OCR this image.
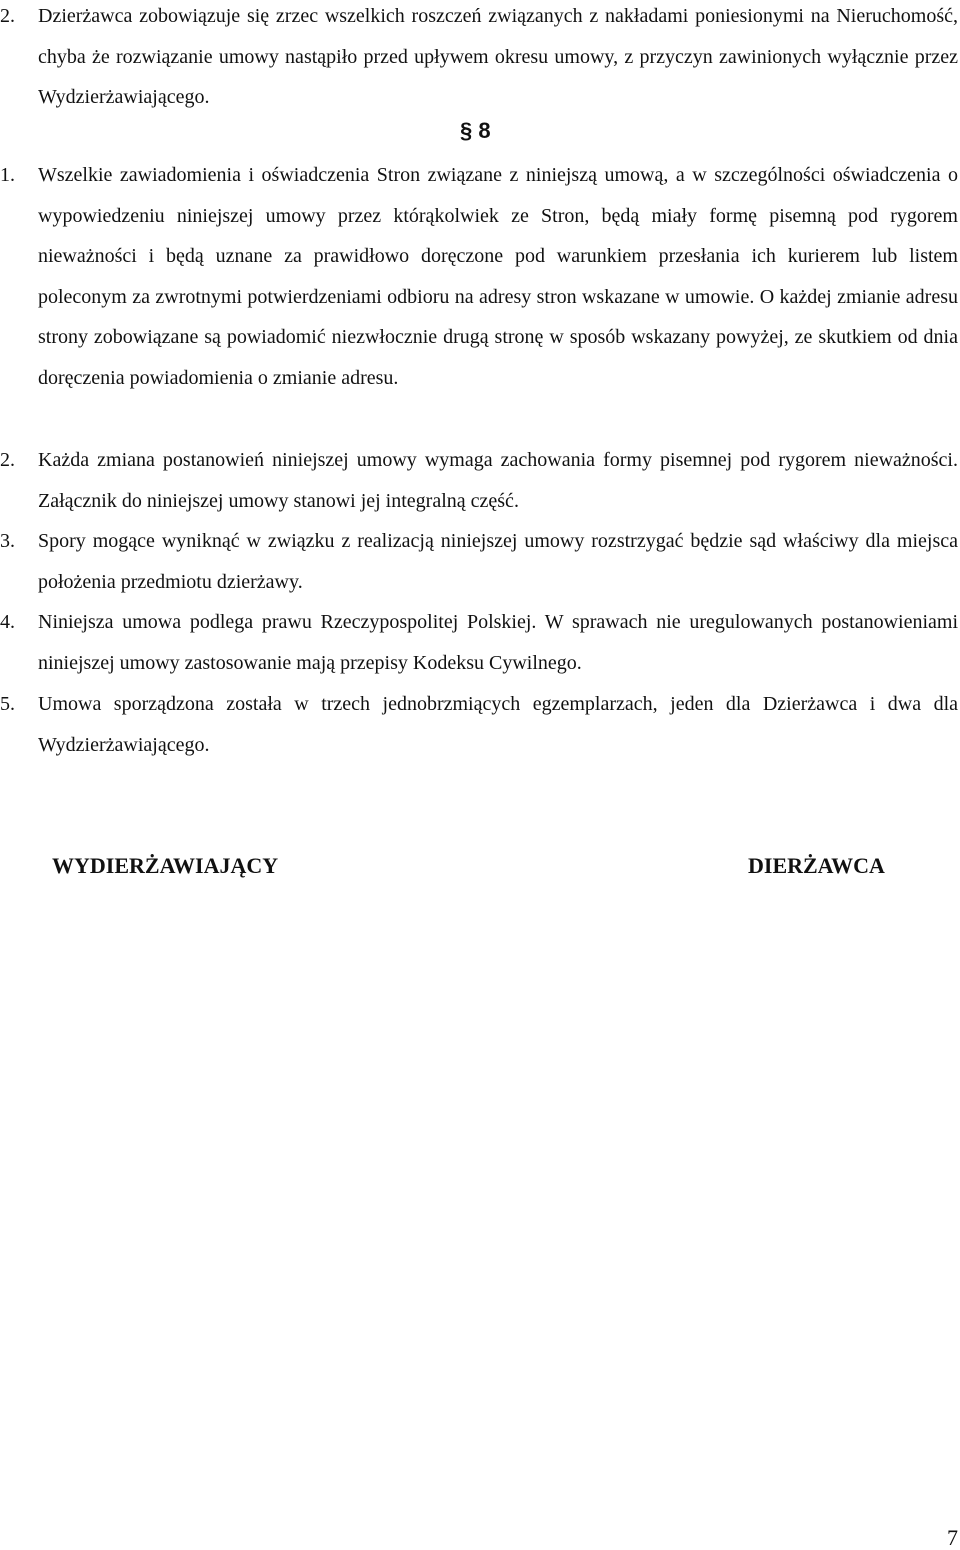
2.	Dzierżawca zobowiązuje się zrzec wszelkich roszczeń związanych z nakładami poniesionymi na Nieruchomość, chyba że rozwiązanie umowy nastąpiło przed upływem okresu umowy, z przyczyn zawinionych wyłącznie przez Wydzierżawiającego.
§ 8
1.	Wszelkie zawiadomienia i oświadczenia Stron związane z niniejszą umową, a w szczególności oświadczenia o wypowiedzeniu niniejszej umowy przez którąkolwiek ze Stron, będą miały formę pisemną pod rygorem nieważności i będą uznane za prawidłowo doręczone pod warunkiem przesłania ich kurierem lub listem poleconym za zwrotnymi potwierdzeniami odbioru na adresy stron wskazane w umowie. O każdej zmianie adresu strony zobowiązane są powiadomić niezwłocznie drugą stronę w sposób wskazany powyżej, ze skutkiem od dnia doręczenia powiadomienia o zmianie adresu.
2.	Każda zmiana postanowień niniejszej umowy wymaga zachowania formy pisemnej pod rygorem nieważności. Załącznik do niniejszej umowy stanowi jej integralną część.
3.	Spory mogące wyniknąć w związku z realizacją niniejszej umowy rozstrzygać będzie sąd właściwy dla miejsca położenia przedmiotu dzierżawy.
4.	Niniejsza umowa podlega prawu Rzeczypospolitej Polskiej. W sprawach nie uregulowanych postanowieniami niniejszej umowy zastosowanie mają przepisy Kodeksu Cywilnego.
5.	Umowa sporządzona została w trzech jednobrzmiących egzemplarzach, jeden dla Dzierżawca i dwa dla Wydzierżawiającego.
WYDIERŻAWIAJĄCY	DIERŻAWCA
7
